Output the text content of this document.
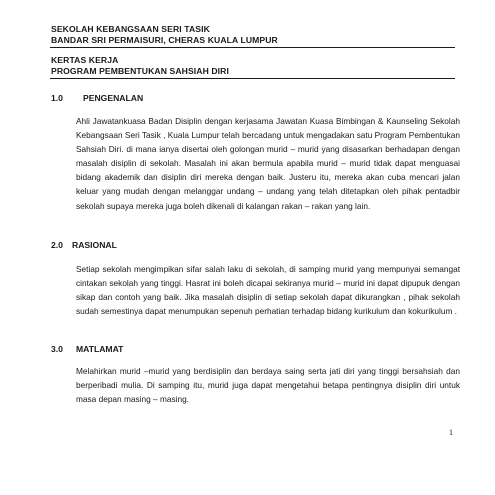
SEKOLAH KEBANGSAAN SERI TASIK
BANDAR SRI PERMAISURI, CHERAS KUALA LUMPUR
KERTAS KERJA
PROGRAM PEMBENTUKAN SAHSIAH DIRI
1.0 PENGENALAN

Ahli Jawatankuasa Badan Disiplin dengan kerjasama Jawatan Kuasa Bimbingan & Kaunseling Sekolah Kebangsaan Seri Tasik , Kuala Lumpur telah bercadang untuk mengadakan satu Program Pembentukan Sahsiah Diri. di mana ianya disertai oleh golongan murid – murid yang disasarkan berhadapan dengan masalah disiplin di sekolah. Masalah ini akan bermula apabila murid – murid tidak dapat menguasai bidang akademik dan disiplin diri mereka dengan baik. Justeru itu, mereka akan cuba mencari jalan keluar yang mudah dengan melanggar undang – undang yang telah ditetapkan oleh pihak pentadbir sekolah supaya mereka juga boleh dikenali di kalangan rakan – rakan yang lain.

2.0 RASIONAL

Setiap sekolah mengimpikan sifar salah laku di sekolah, di samping murid yang mempunyai semangat cintakan sekolah yang tinggi. Hasrat ini boleh dicapai sekiranya murid – murid ini dapat dipupuk dengan sikap dan contoh yang baik. Jika masalah disiplin di setiap sekolah dapat dikurangkan , pihak sekolah sudah semestinya dapat menumpukan sepenuh perhatian terhadap bidang kurikulum dan kokurikulum .

3.0 MATLAMAT

Melahirkan murid –murid yang berdisiplin dan berdaya saing serta jati diri yang tinggi bersahsiah dan berperibadi mulia. Di samping itu, murid juga dapat mengetahui betapa pentingnya disiplin diri untuk masa depan masing – masing.

1
